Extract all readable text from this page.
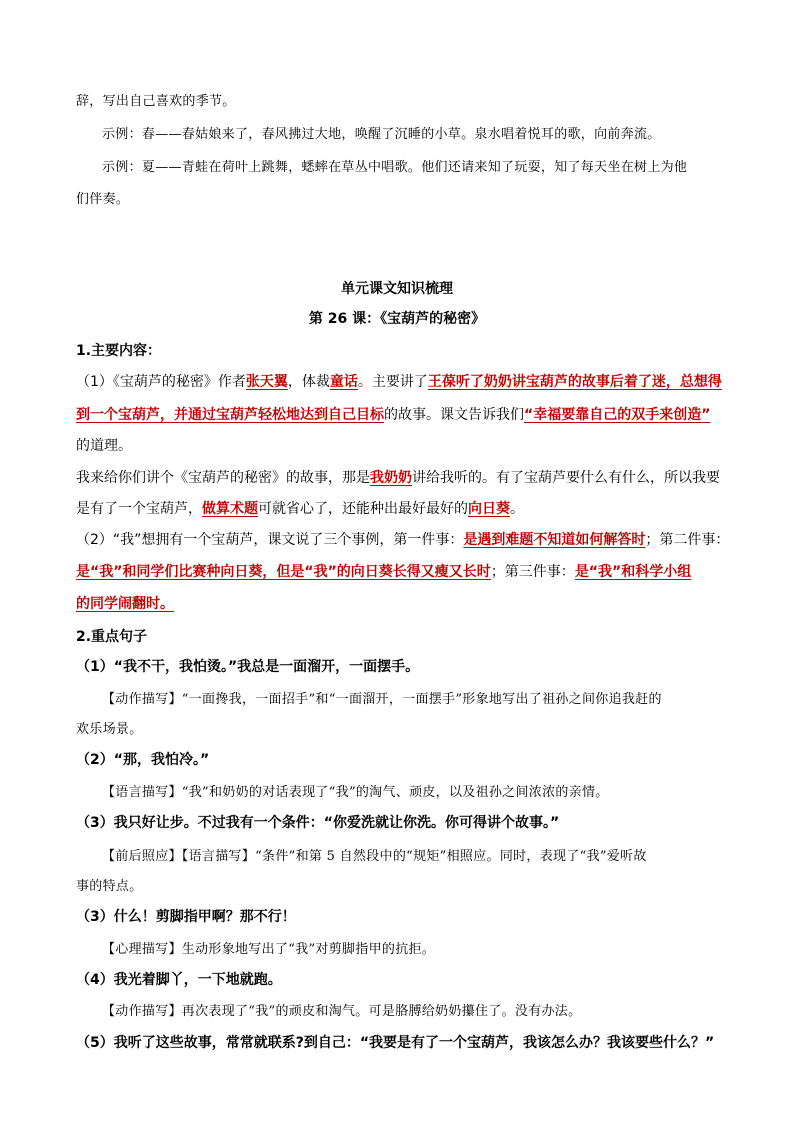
辞，写出自己喜欢的季节。
示例：春——春姑娘来了，春风拂过大地，唤醒了沉睡的小草。泉水唱着悦耳的歌，向前奔流。
示例：夏——青蛙在荷叶上跳舞，蟋蟀在草丛中唱歌。他们还请来知了玩耍，知了每天坐在树上为他
们伴奏。
单元课文知识梳理
第 26 课：《宝葫芦的秘密》
1.主要内容：
（1）《宝葫芦的秘密》作者张天翼，体裁童话。主要讲了王葆听了奶奶讲宝葫芦的故事后着了迷，总想得
到一个宝葫芦，并通过宝葫芦轻松地达到自己目标的故事。课文告诉我们“幸福要靠自己的双手来创造”
的道理。
我来给你们讲个《宝葫芦的秘密》的故事，那是我奶奶讲给我听的。有了宝葫芦要什么有什么，所以我要
是有了一个宝葫芦，做算术题可就省心了，还能种出最好最好的向日葵。
（2）“我”想拥有一个宝葫芦，课文说了三个事例，第一件事：是遇到难题不知道如何解答时；第二件事：
是“我”和同学们比赛种向日葵，但是“我”的向日葵长得又瘦又长时；第三件事：是“我”和科学小组
的同学闹翻时。
2.重点句子
（1）“我不干，我怕烫。”我总是一面溜开，一面摆手。
【动作描写】“一面搀我，一面招手”和“一面溜开，一面摆手”形象地写出了祖孙之间你追我赶的
欢乐场景。
（2）“那，我怕冷。”
【语言描写】“我”和奶奶的对话表现了“我”的淘气、顽皮，以及祖孙之间浓浓的亲情。
（3）我只好让步。不过我有一个条件：“你爱洗就让你洗。你可得讲个故事。”
【前后照应】【语言描写】“条件”和第 5 自然段中的“规矩”相照应。同时，表现了“我”爱听故
事的特点。
（3）什么！剪脚指甲啊？那不行！
【心理描写】生动形象地写出了“我”对剪脚指甲的抗拒。
（4）我光着脚丫，一下地就跑。
【动作描写】再次表现了“我”的顽皮和淘气。可是胳膊给奶奶攥住了。没有办法。
（5）我听了这些故事，常常就联系?到自己：“我要是有了一个宝葫芦，我该怎么办？我该要些什么？”
